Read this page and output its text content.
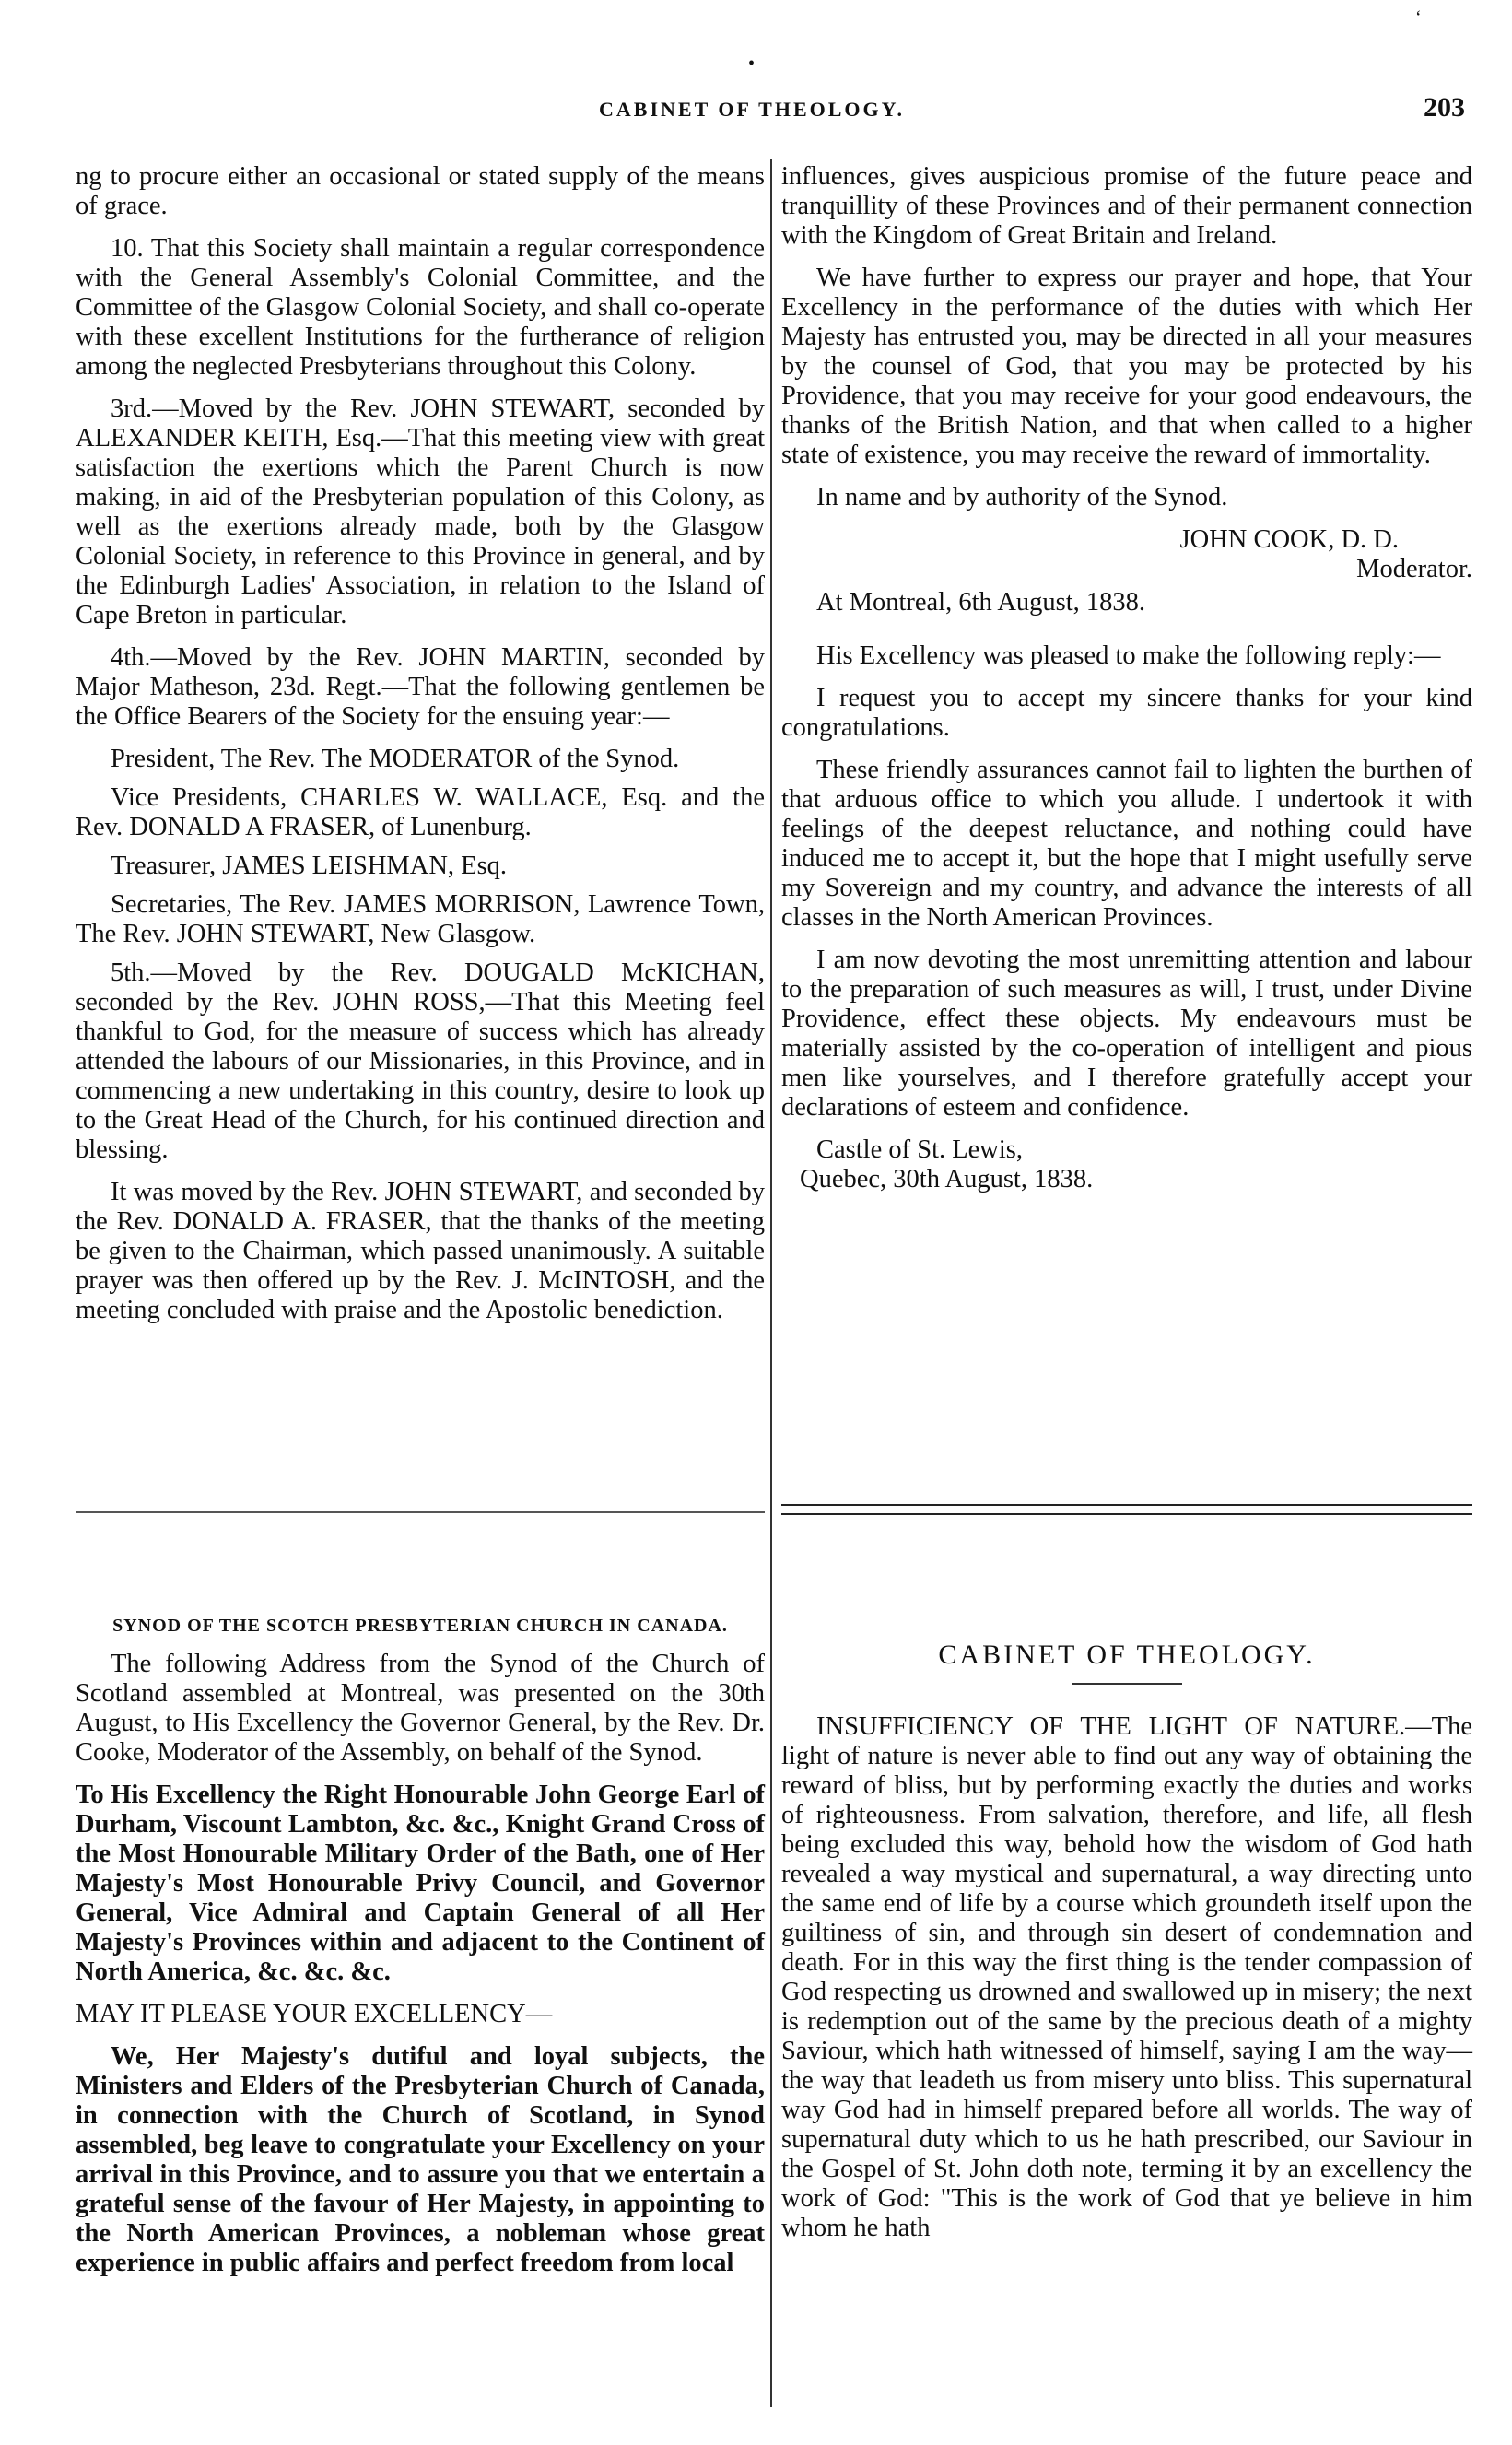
CABINET OF THEOLOGY.	203
‘
•

ng to procure either an occasional or stated supply of the means of grace.

10. That this Society shall maintain a regular correspondence with the General Assembly's Colonial Committee, and the Committee of the Glasgow Colonial Society, and shall co-operate with these excellent Institutions for the furtherance of religion among the neglected Presbyterians throughout this Colony.

3rd.—Moved by the Rev. JOHN STEWART, seconded by ALEXANDER KEITH, Esq.—That this meeting view with great satisfaction the exertions which the Parent Church is now making, in aid of the Presbyterian population of this Colony, as well as the exertions already made, both by the Glasgow Colonial Society, in reference to this Province in general, and by the Edinburgh Ladies' Association, in relation to the Island of Cape Breton in particular.

4th.—Moved by the Rev. JOHN MARTIN, seconded by Major Matheson, 23d. Regt.—That the following gentlemen be the Office Bearers of the Society for the ensuing year:—

President, The Rev. The MODERATOR of the Synod.

Vice Presidents, CHARLES W. WALLACE, Esq. and the Rev. DONALD A FRASER, of Lunenburg.

Treasurer, JAMES LEISHMAN, Esq.

Secretaries, The Rev. JAMES MORRISON, Lawrence Town, The Rev. JOHN STEWART, New Glasgow.

5th.—Moved by the Rev. DOUGALD McKICHAN, seconded by the Rev. JOHN ROSS,—That this Meeting feel thankful to God, for the measure of success which has already attended the labours of our Missionaries, in this Province, and in commencing a new undertaking in this country, desire to look up to the Great Head of the Church, for his continued direction and blessing.

It was moved by the Rev. JOHN STEWART, and seconded by the Rev. DONALD A. FRASER, that the thanks of the meeting be given to the Chairman, which passed unanimously. A suitable prayer was then offered up by the Rev. J. McINTOSH, and the meeting concluded with praise and the Apostolic benediction.

influences, gives auspicious promise of the future peace and tranquillity of these Provinces and of their permanent connection with the Kingdom of Great Britain and Ireland.

We have further to express our prayer and hope, that Your Excellency in the performance of the duties with which Her Majesty has entrusted you, may be directed in all your measures by the counsel of God, that you may be protected by his Providence, that you may receive for your good endeavours, the thanks of the British Nation, and that when called to a higher state of existence, you may receive the reward of immortality.

In name and by authority of the Synod.

JOHN COOK, D. D.

Moderator.

At Montreal, 6th August, 1838.

His Excellency was pleased to make the following reply:—

I request you to accept my sincere thanks for your kind congratulations.

These friendly assurances cannot fail to lighten the burthen of that arduous office to which you allude. I undertook it with feelings of the deepest reluctance, and nothing could have induced me to accept it, but the hope that I might usefully serve my Sovereign and my country, and advance the interests of all classes in the North American Provinces.

I am now devoting the most unremitting attention and labour to the preparation of such measures as will, I trust, under Divine Providence, effect these objects. My endeavours must be materially assisted by the co-operation of intelligent and pious men like yourselves, and I therefore gratefully accept your declarations of esteem and confidence.

Castle of St. Lewis,

Quebec, 30th August, 1838.

SYNOD OF THE SCOTCH PRESBYTERIAN CHURCH IN CANADA.

The following Address from the Synod of the Church of Scotland assembled at Montreal, was presented on the 30th August, to His Excellency the Governor General, by the Rev. Dr. Cooke, Moderator of the Assembly, on behalf of the Synod.

To His Excellency the Right Honourable John George Earl of Durham, Viscount Lambton, &c. &c., Knight Grand Cross of the Most Honourable Military Order of the Bath, one of Her Majesty's Most Honourable Privy Council, and Governor General, Vice Admiral and Captain General of all Her Majesty's Provinces within and adjacent to the Continent of North America, &c. &c. &c.

MAY IT PLEASE YOUR EXCELLENCY—

We, Her Majesty's dutiful and loyal subjects, the Ministers and Elders of the Presbyterian Church of Canada, in connection with the Church of Scotland, in Synod assembled, beg leave to congratulate your Excellency on your arrival in this Province, and to assure you that we entertain a grateful sense of the favour of Her Majesty, in appointing to the North American Provinces, a nobleman whose great experience in public affairs and perfect freedom from local

CABINET OF THEOLOGY.

INSUFFICIENCY OF THE LIGHT OF NATURE.—The light of nature is never able to find out any way of obtaining the reward of bliss, but by performing exactly the duties and works of righteousness. From salvation, therefore, and life, all flesh being excluded this way, behold how the wisdom of God hath revealed a way mystical and supernatural, a way directing unto the same end of life by a course which groundeth itself upon the guiltiness of sin, and through sin desert of condemnation and death. For in this way the first thing is the tender compassion of God respecting us drowned and swallowed up in misery; the next is redemption out of the same by the precious death of a mighty Saviour, which hath witnessed of himself, saying I am the way—the way that leadeth us from misery unto bliss. This supernatural way God had in himself prepared before all worlds. The way of supernatural duty which to us he hath prescribed, our Saviour in the Gospel of St. John doth note, terming it by an excellency the work of God: "This is the work of God that ye believe in him whom he hath
